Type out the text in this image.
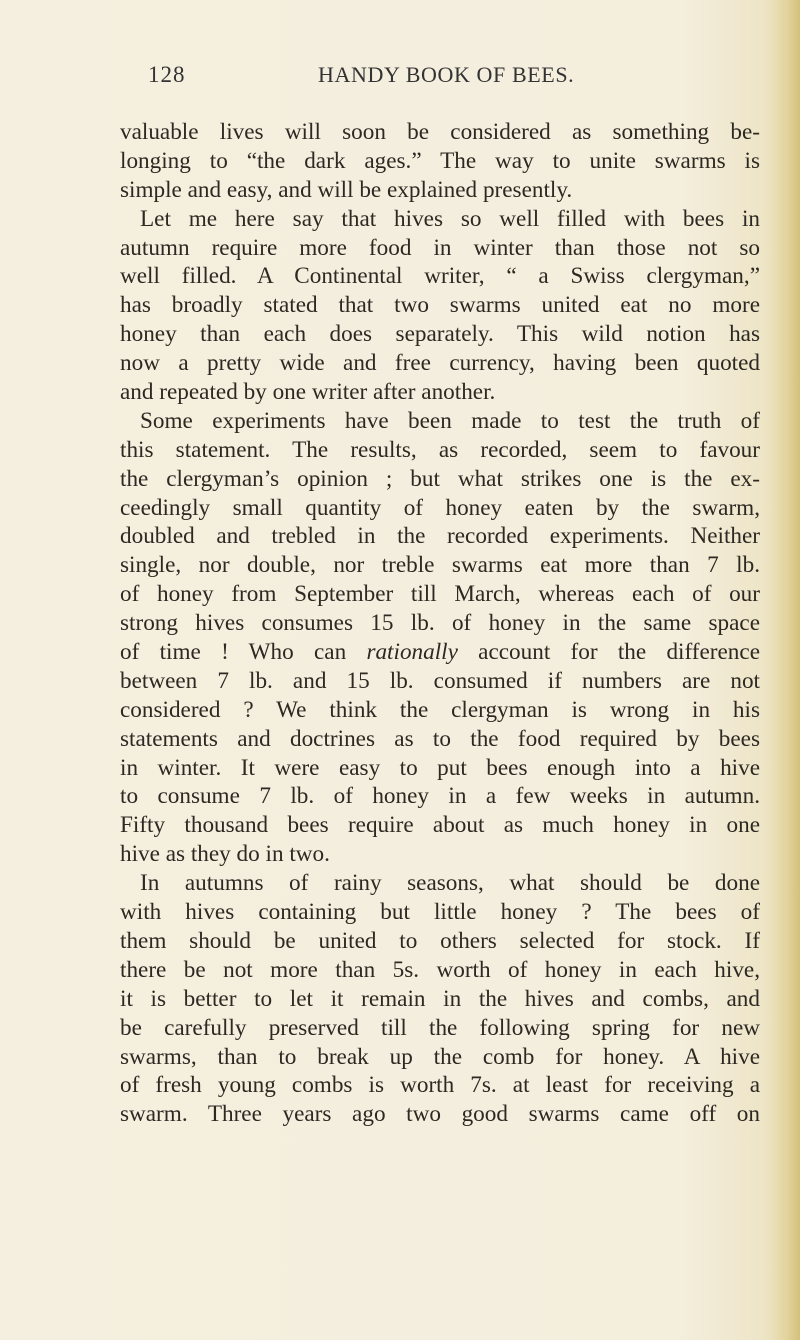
128	HANDY BOOK OF BEES.
valuable lives will soon be considered as something be-
longing to “the dark ages.” The way to unite swarms is
simple and easy, and will be explained presently.
Let me here say that hives so well filled with bees in
autumn require more food in winter than those not so
well filled. A Continental writer, “ a Swiss clergyman,”
has broadly stated that two swarms united eat no more
honey than each does separately. This wild notion has
now a pretty wide and free currency, having been quoted
and repeated by one writer after another.
Some experiments have been made to test the truth of
this statement. The results, as recorded, seem to favour
the clergyman’s opinion ; but what strikes one is the ex-
ceedingly small quantity of honey eaten by the swarm,
doubled and trebled in the recorded experiments. Neither
single, nor double, nor treble swarms eat more than 7 lb.
of honey from September till March, whereas each of our
strong hives consumes 15 lb. of honey in the same space
of time ! Who can rationally account for the difference
between 7 lb. and 15 lb. consumed if numbers are not
considered ? We think the clergyman is wrong in his
statements and doctrines as to the food required by bees
in winter. It were easy to put bees enough into a hive
to consume 7 lb. of honey in a few weeks in autumn.
Fifty thousand bees require about as much honey in one
hive as they do in two.
In autumns of rainy seasons, what should be done
with hives containing but little honey ? The bees of
them should be united to others selected for stock. If
there be not more than 5s. worth of honey in each hive,
it is better to let it remain in the hives and combs, and
be carefully preserved till the following spring for new
swarms, than to break up the comb for honey. A hive
of fresh young combs is worth 7s. at least for receiving a
swarm. Three years ago two good swarms came off on
